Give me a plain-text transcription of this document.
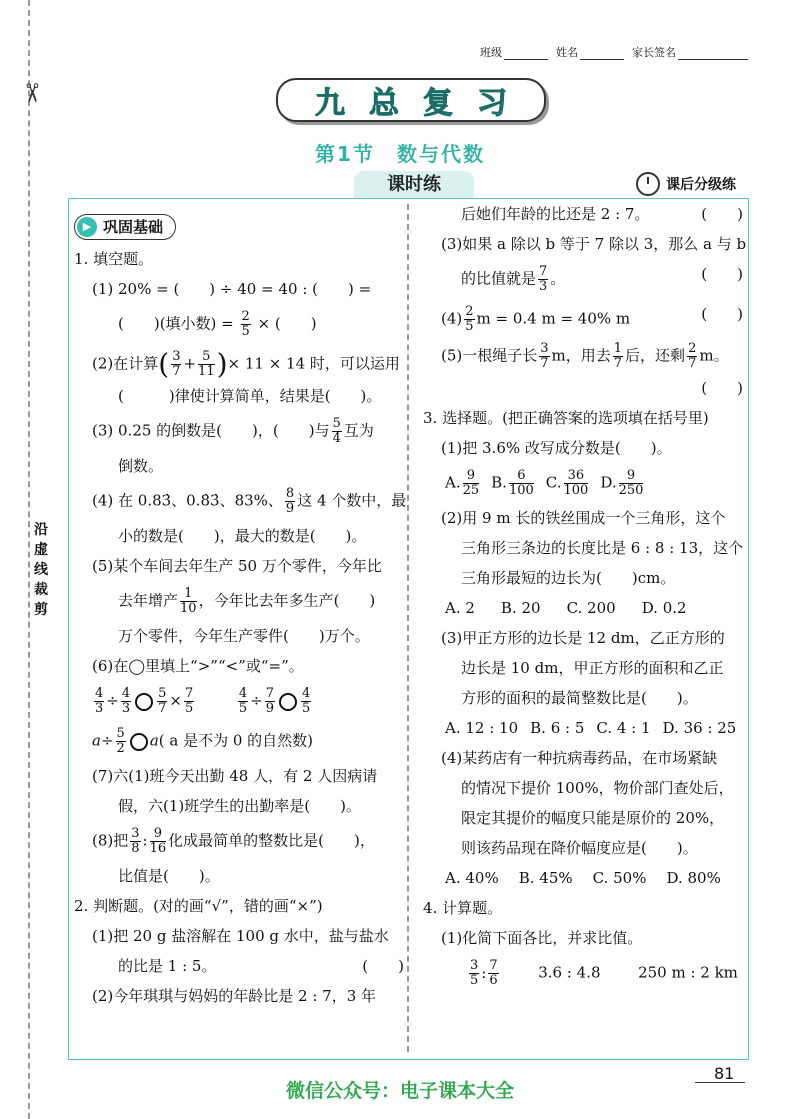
✂
沿虚线裁剪
班级	姓名	家长签名
九总复习
第1节　数与代数
课时练	课后分级练
▶ 巩固基础
1. 填空题。
(1) 20% = (　　) ÷ 40 = 40 : (　　) =
(　　)(填小数) = $\frac{2}{5}$ × (　　)
(2)在计算( $\frac{3}{7} + \frac{5}{11}$ )× 11 × 14 时，可以运用
(　　　)律使计算简单，结果是(　　)。
(3) 0.25 的倒数是(　　)，(　　)与 $\frac{5}{4}$ 互为
倒数。
(4) 在 0.83̇、0.8̇3̇、83%、 $\frac{8}{9}$ 这 4 个数中，最
小的数是(　　)，最大的数是(　　)。
(5)某个车间去年生产 50 万个零件，今年比
去年增产 $\frac{1}{10}$ ，今年比去年多生产(　　)
万个零件，今年生产零件(　　)万个。
(6)在◯里填上“>”“<”或“=”。
$\frac{4}{3} \div \frac{4}{3} \frac{5}{7} \times \frac{7}{5}$
	$\frac{4}{5} \div \frac{7}{9} \frac{4}{5}$
$a\div \frac{5}{2} a$( a 是不为 0 的自然数)
(7)六(1)班今天出勤 48 人，有 2 人因病请
假，六(1)班学生的出勤率是(　　)。
(8)把 $\frac{3}{8}$ : $\frac{9}{16}$ 化成最简单的整数比是(　　)，
比值是(　　)。
2. 判断题。(对的画“√”，错的画“×”)
(1)把 20 g 盐溶解在 100 g 水中，盐与盐水
的比是 1 : 5。	(　　)
(2)今年琪琪与妈妈的年龄比是 2 : 7，3 年
后她们年龄的比还是 2 : 7。	(　　)
(3)如果 a 除以 b 等于 7 除以 3，那么 a 与 b
的比值就是 $\frac{7}{3}$ 。	(　　)
$(4) \frac{2}{5}$ m = 0.4 m = 40% m	(　　)
(5)一根绳子长 $\frac{3}{7}$ m，用去 $\frac{1}{7}$ 后，还剩 $\frac{2}{7}$ m。
(　　)
3. 选择题。(把正确答案的选项填在括号里)
(1)把 3.6% 改写成分数是(　　)。
A. $\frac{9}{25} B$. $\frac{6}{100} C$. $\frac{36}{100} D$. $\frac{9}{250}$
(2)用 9 m 长的铁丝围成一个三角形，这个
三角形三条边的长度比是 6 : 8 : 13，这个
三角形最短的边长为(　　)cm。
A. 2 B. 20 C. 200 D. 0.2
(3)甲正方形的边长是 12 dm，乙正方形的
边长是 10 dm，甲正方形的面积和乙正
方形的面积的最简整数比是(　　)。
A. 12 : 10 B. 6 : 5 C. 4 : 1 D. 36 : 25
(4)某药店有一种抗病毒药品，在市场紧缺
的情况下提价 100%，物价部门查处后，
限定其提价的幅度只能是原价的 20%，
则该药品现在降价幅度应是(　　)。
A. 40% B. 45% C. 50% D. 80%
4. 计算题。
(1)化简下面各比，并求比值。
$\frac{3}{5}$ : $\frac{7}{6}$	3.6 : 4.8	250 m : 2 km
81
微信公众号：电子课本大全
